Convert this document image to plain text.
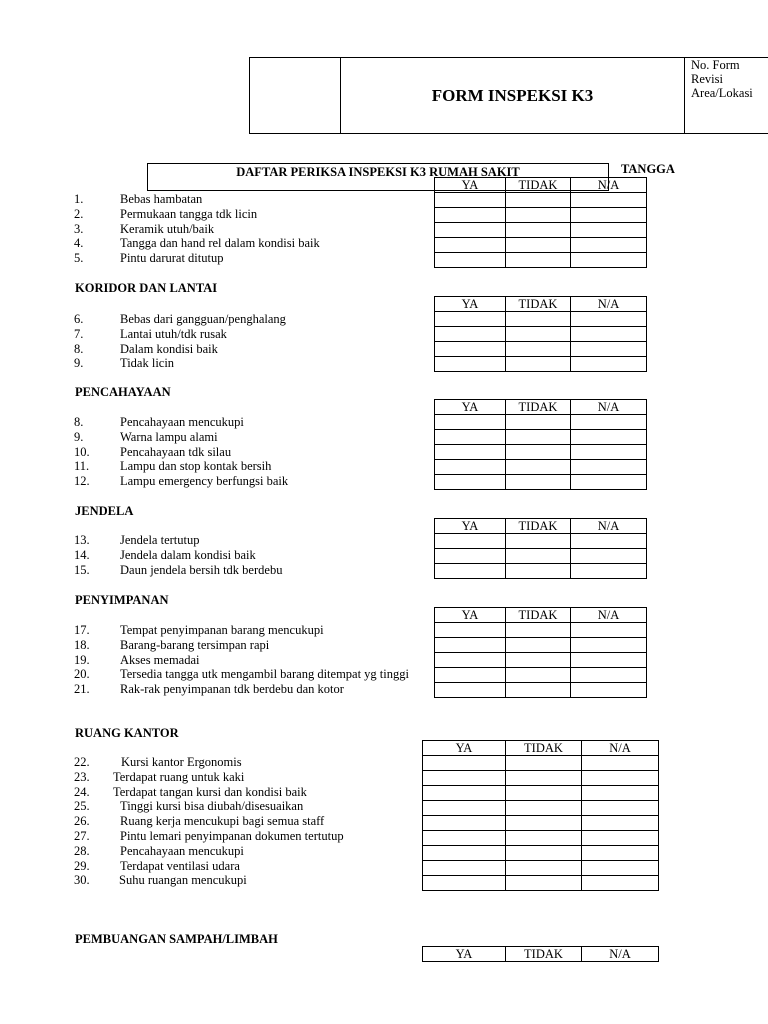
FORM INSPEKSI K3
No. Form
Revisi
Area/Lokasi
DAFTAR PERIKSA INSPEKSI K3 RUMAH SAKIT	TANGGA
1.	Bebas hambatan
2.	Permukaan tangga tdk licin
3.	Keramik utuh/baik
4.	Tangga dan hand rel dalam kondisi baik
5.	Pintu darurat ditutup
YA	TIDAK	N/A

KORIDOR DAN LANTAI
6.	Bebas dari gangguan/penghalang
7.	Lantai utuh/tdk rusak
8.	Dalam kondisi baik
9.	Tidak licin
YA	TIDAK	N/A

PENCAHAYAAN
8.	Pencahayaan mencukupi
9.	Warna lampu alami
10. Pencahayaan tdk silau
11. Lampu dan stop kontak bersih
12. Lampu emergency berfungsi baik
YA	TIDAK	N/A

JENDELA
13. Jendela tertutup
14. Jendela dalam kondisi baik
15. Daun jendela bersih tdk berdebu
YA	TIDAK	N/A

PENYIMPANAN
17. Tempat penyimpanan barang mencukupi
18. Barang-barang tersimpan rapi
19. Akses memadai
20. Tersedia tangga utk mengambil barang ditempat yg tinggi
21. Rak-rak penyimpanan tdk berdebu dan kotor
YA	TIDAK	N/A

RUANG KANTOR
22.	Kursi kantor Ergonomis
23. Terdapat ruang untuk kaki
24. Terdapat tangan kursi dan kondisi baik
25. Tinggi kursi bisa diubah/disesuaikan
26. Ruang kerja mencukupi bagi semua staff
27. Pintu lemari penyimpanan dokumen tertutup
28. Pencahayaan mencukupi
29. Terdapat ventilasi udara
30. Suhu ruangan mencukupi
YA	TIDAK	N/A

PEMBUANGAN SAMPAH/LIMBAH
YA	TIDAK	N/A
